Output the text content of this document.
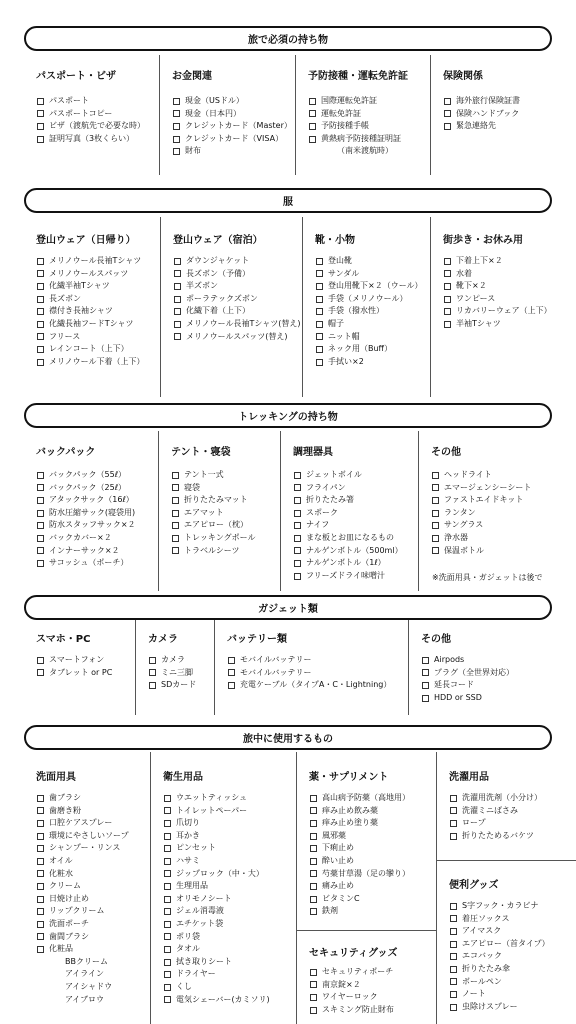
旅で必須の持ち物
パスポート・ビザ
パスポート
パスポートコピー
ビザ（渡航先で必要な時）
証明写真（3枚くらい）
お金関連
現金（USドル）
現金（日本円）
クレジットカード（Master）
クレジットカード（VISA）
財布
予防接種・運転免許証
国際運転免許証
運転免許証
予防接種手帳
黄熱病予防接種証明証
（南米渡航時）
保険関係
海外旅行保険証書
保険ハンドブック
緊急連絡先
服
登山ウェア（日帰り）
メリノウール長袖Tシャツ
メリノウールスパッツ
化繊半袖Tシャツ
長ズボン
襟付き長袖シャツ
化繊長袖フードTシャツ
フリース
レインコート（上下）
メリノウール下着（上下）
登山ウェア（宿泊）
ダウンジャケット
長ズボン（予備）
半ズボン
ポーラテックズボン
化繊下着（上下）
メリノウール長袖Tシャツ(替え)
メリノウールスパッツ(替え)
靴・小物
登山靴
サンダル
登山用靴下×２（ウール）
手袋（メリノウール）
手袋（撥水性）
帽子
ニット帽
ネック用（Buff）
手拭い×2
街歩き・お休み用
下着上下×２
水着
靴下×２
ワンピース
リカバリーウェア（上下）
半袖Tシャツ
トレッキングの持ち物
バックパック
バックパック（55ℓ）
バックパック（25ℓ）
アタックサック（16ℓ）
防水圧縮サック(寝袋用)
防水スタッフサック×２
バックカバー×２
インナーサック×２
サコッシュ（ポーチ）
テント・寝袋
テント一式
寝袋
折りたたみマット
エアマット
エアピロー（枕）
トレッキングポール
トラベルシーツ
調理器具
ジェットボイル
フライパン
折りたたみ箸
スポーク
ナイフ
まな板とお皿になるもの
ナルゲンボトル（500ml）
ナルゲンボトル（1ℓ）
フリーズドライ味噌汁
その他
ヘッドライト
エマージェンシーシート
ファストエイドキット
ランタン
サングラス
浄水器
保温ボトル
※洗面用具・ガジェットは後で
ガジェット類
スマホ・PC
スマートフォン
タブレット or PC
カメラ
カメラ
ミニ三脚
SDカード
バッテリー類
モバイルバッテリー
モバイルバッテリー
充電ケーブル（タイプA・C・Lightning）
その他
Airpods
プラグ（全世界対応）
延長コード
HDD or SSD
旅中に使用するもの
洗面用具
歯ブラシ
歯磨き粉
口腔ケアスプレー
環境にやさしいソープ
シャンプー・リンス
オイル
化粧水
クリーム
日焼け止め
リップクリーム
洗面ポーチ
歯間ブラシ
化粧品
BBクリーム
アイライン
アイシャドウ
アイブロウ
衛生用品
ウエットティッシュ
トイレットペーパー
爪切り
耳かき
ピンセット
ハサミ
ジップロック（中・大）
生理用品
オリモノシート
ジェル消毒液
エチケット袋
ポリ袋
タオル
拭き取りシート
ドライヤー
くし
電気シェーバー(カミソリ)
薬・サプリメント
高山病予防薬（高地用）
痒み止め飲み薬
痒み止め塗り薬
風邪薬
下痢止め
酔い止め
芍薬甘草湯（足の攣り）
痛み止め
ビタミンC
鉄剤
セキュリティグッズ
セキュリティポーチ
南京錠×２
ワイヤーロック
スキミング防止財布
洗濯用品
洗濯用洗剤（小分け）
洗濯ミニばさみ
ロープ
折りたためるバケツ
便利グッズ
S字フック・カラビナ
着圧ソックス
アイマスク
エアピロー（首タイプ）
エコバック
折りたたみ傘
ボールペン
ノート
虫除けスプレー
